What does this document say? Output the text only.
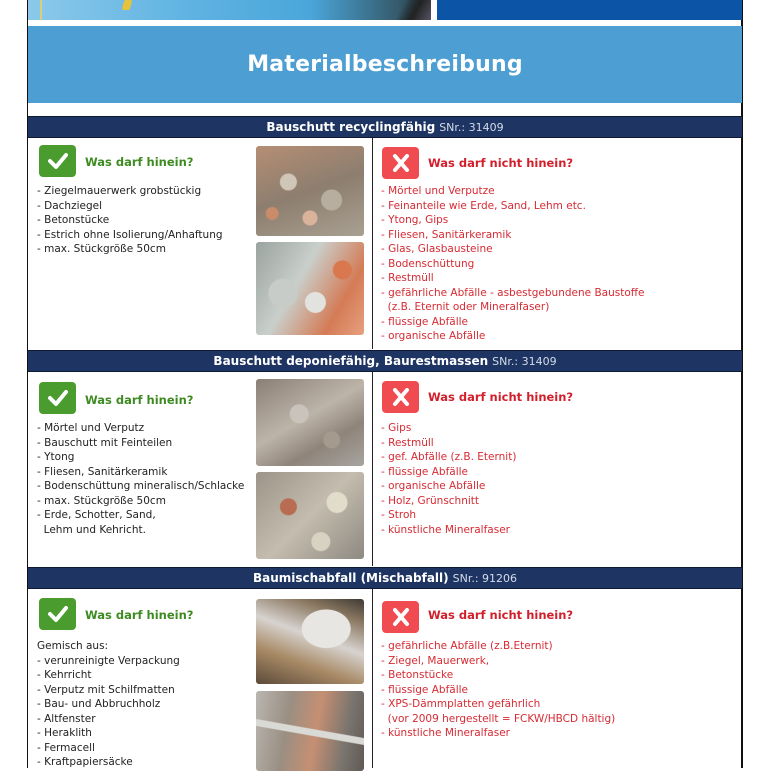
Materialbeschreibung
Bauschutt recyclingfähig SNr.: 31409
Was darf hinein?
- Ziegelmauerwerk grobstückig
- Dachziegel
- Betonstücke
- Estrich ohne Isolierung/Anhaftung
- max. Stückgröße 50cm
Was darf nicht hinein?
- Mörtel und Verputze
- Feinanteile wie Erde, Sand, Lehm etc.
- Ytong, Gips
- Fliesen, Sanitärkeramik
- Glas, Glasbausteine
- Bodenschüttung
- Restmüll
- gefährliche Abfälle - asbestgebundene Baustoffe
(z.B. Eternit oder Mineralfaser)
- flüssige Abfälle
- organische Abfälle
Bauschutt deponiefähig, Baurestmassen SNr.: 31409
Was darf hinein?
- Mörtel und Verputz
- Bauschutt mit Feinteilen
- Ytong
- Fliesen, Sanitärkeramik
- Bodenschüttung mineralisch/Schlacke
- max. Stückgröße 50cm
- Erde, Schotter, Sand,
Lehm und Kehricht.
Was darf nicht hinein?
- Gips
- Restmüll
- gef. Abfälle (z.B. Eternit)
- flüssige Abfälle
- organische Abfälle
- Holz, Grünschnitt
- Stroh
- künstliche Mineralfaser
Baumischabfall (Mischabfall) SNr.: 91206
Was darf hinein?
Gemisch aus:
- verunreinigte Verpackung
- Kehrricht
- Verputz mit Schilfmatten
- Bau- und Abbruchholz
- Altfenster
- Heraklith
- Fermacell
- Kraftpapiersäcke
Was darf nicht hinein?
- gefährliche Abfälle (z.B.Eternit)
- Ziegel, Mauerwerk,
- Betonstücke
- flüssige Abfälle
- XPS-Dämmplatten gefährlich
(vor 2009 hergestellt = FCKW/HBCD hältig)
- künstliche Mineralfaser
